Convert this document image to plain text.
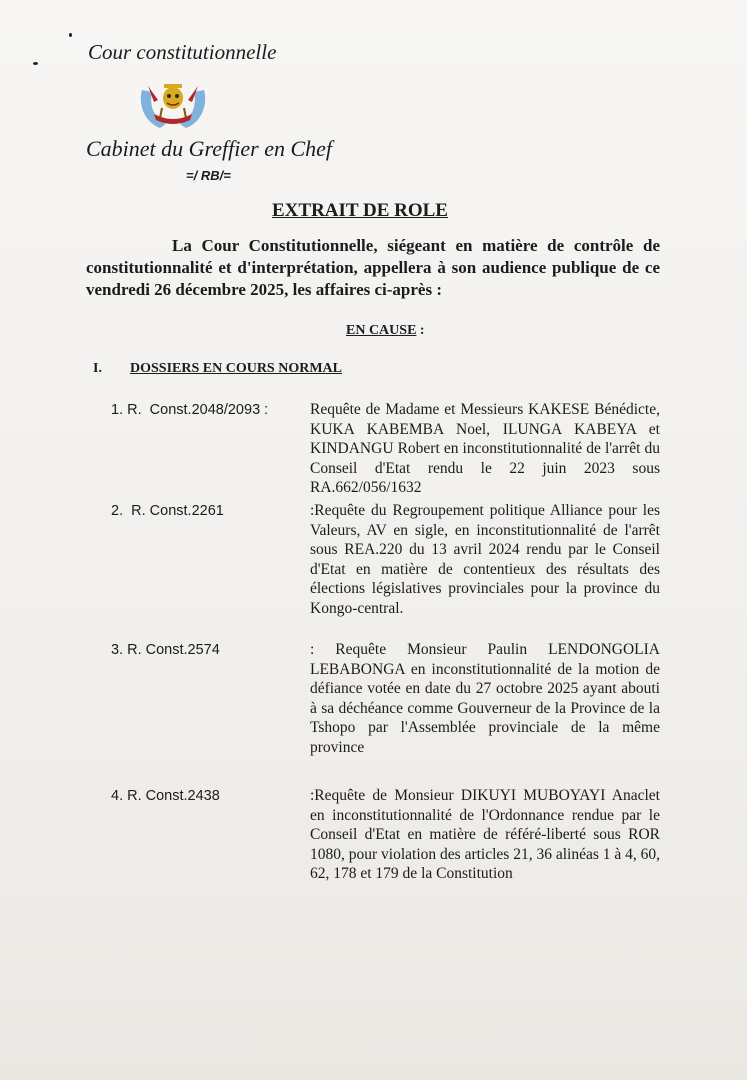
Cour constitutionnelle
Cabinet du Greffier en Chef
=/ RB/=
EXTRAIT DE ROLE

La Cour Constitutionnelle, siégeant en matière de contrôle de constitutionnalité et d'interprétation, appellera à son audience publique de ce vendredi 26 décembre 2025, les affaires ci-après :

EN CAUSE :
I. DOSSIERS EN COURS NORMAL
1. R.  Const.2048/2093 :	Requête de Madame et Messieurs KAKESE Bénédicte, KUKA KABEMBA Noel, ILUNGA KABEYA et KINDANGU Robert en inconstitutionnalité de l'arrêt du Conseil d'Etat rendu le 22 juin 2023 sous RA.662/056/1632
2.  R. Const.2261	:Requête du Regroupement politique Alliance pour les Valeurs, AV en sigle, en inconstitutionnalité de l'arrêt sous REA.220 du 13 avril 2024 rendu par le Conseil d'Etat en matière de contentieux des résultats des élections législatives provinciales pour la province du Kongo-central.
3. R. Const.2574	: Requête Monsieur Paulin LENDONGOLIA LEBABONGA en inconstitutionnalité de la motion de défiance votée en date du 27 octobre 2025 ayant abouti à sa déchéance comme Gouverneur de la Province de la Tshopo par l'Assemblée provinciale de la même province
4. R. Const.2438	:Requête de Monsieur DIKUYI MUBOYAYI Anaclet en inconstitutionnalité de l'Ordonnance rendue par le Conseil d'Etat en matière de référé-liberté sous ROR 1080, pour violation des articles 21, 36 alinéas 1 à 4, 60, 62, 178 et 179 de la Constitution
